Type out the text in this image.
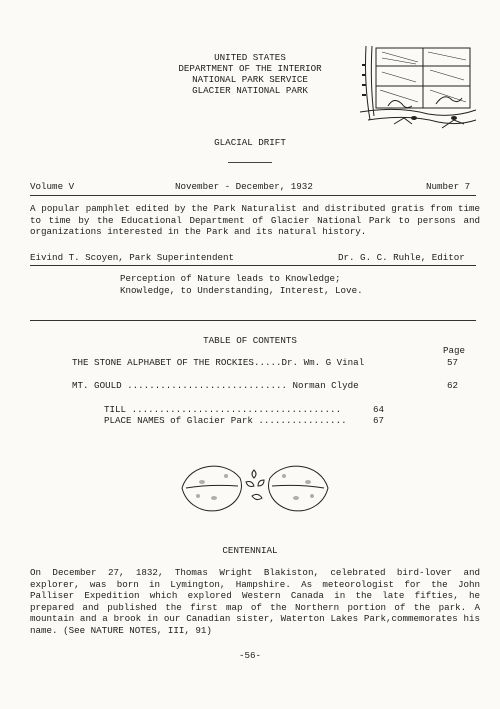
UNITED STATES
DEPARTMENT OF THE INTERIOR
NATIONAL PARK SERVICE
GLACIER NATIONAL PARK
GLACIAL DRIFT
Volume V	November - December, 1932	Number 7
A popular pamphlet edited by the Park Naturalist and distributed gratis from time to time by the Educational Department of Glacier National Park to persons and organizations interested in the Park and its natural history.
Eivind T. Scoyen, Park Superintendent	Dr. G. C. Ruhle, Editor
Perception of Nature leads to Knowledge;
Knowledge, to Understanding, Interest, Love.
TABLE OF CONTENTS
Page
THE STONE ALPHABET OF THE ROCKIES.....Dr. Wm. G Vinal	57
MT. GOULD ............................. Norman Clyde	62
TILL ......................................	64
PLACE NAMES of Glacier Park ................	67
CENTENNIAL
On December 27, 1832, Thomas Wright Blakiston, celebrated bird-lover and explorer, was born in Lymington, Hampshire. As meteorologist for the John Palliser Expedition which explored Western Canada in the late fifties, he prepared and published the first map of the Northern portion of the park. A mountain and a brook in our Canadian sister, Waterton Lakes Park,commemorates his name. (See NATURE NOTES, III, 91)
-56-
